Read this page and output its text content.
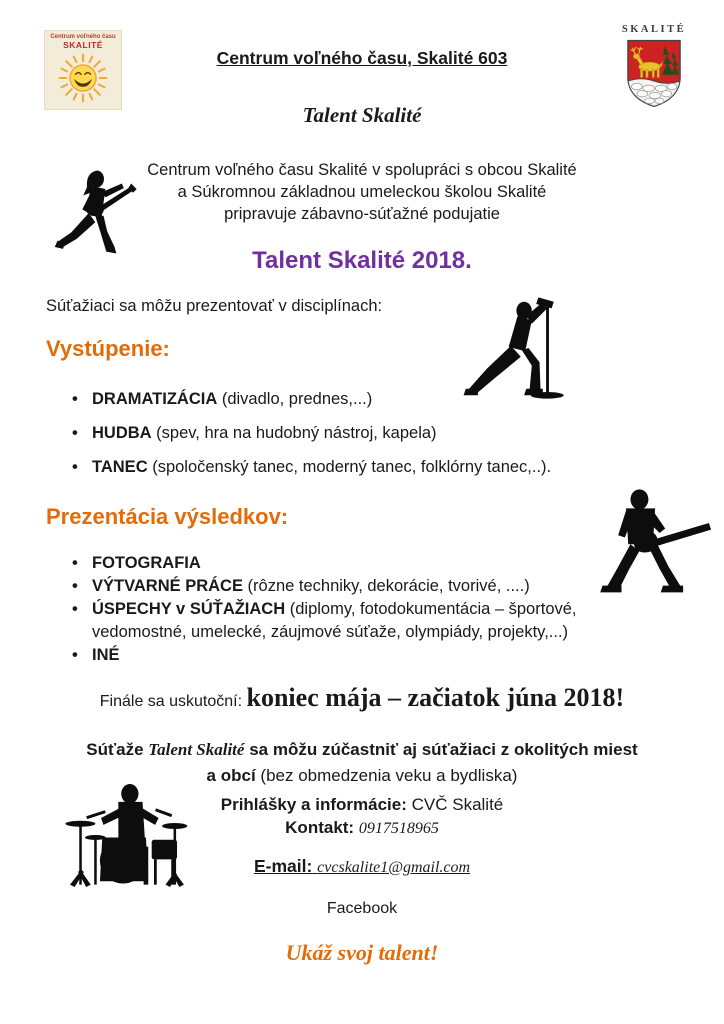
Centrum voľného času
SKALITÉ
Centrum voľného času, Skalité 603
SKALITÉ
Talent Skalité
Centrum voľného času Skalité v spolupráci s obcou Skalité
a Súkromnou základnou umeleckou školou Skalité
pripravuje zábavno-súťažné podujatie
Talent Skalité 2018.
Súťažiaci sa môžu prezentovať v disciplínach:
Vystúpenie:
• DRAMATIZÁCIA (divadlo, prednes,...)
• HUDBA (spev, hra na hudobný nástroj, kapela)
• TANEC (spoločenský tanec, moderný tanec, folklórny tanec,..).
Prezentácia výsledkov:
• FOTOGRAFIA
• VÝTVARNÉ PRÁCE (rôzne techniky, dekorácie, tvorivé, ....)
• ÚSPECHY v SÚŤAŽIACH (diplomy, fotodokumentácia – športové, vedomostné, umelecké, záujmové súťaže, olympiády, projekty,...)
• INÉ
Finále sa uskutoční: koniec mája – začiatok júna 2018!
Súťaže Talent Skalité sa môžu zúčastniť aj súťažiaci z okolitých miest
a obcí (bez obmedzenia veku a bydliska)
Prihlášky a informácie: CVČ Skalité
Kontakt: 0917518965
E-mail: cvcskalite1@gmail.com
Facebook
Ukáž svoj talent!
